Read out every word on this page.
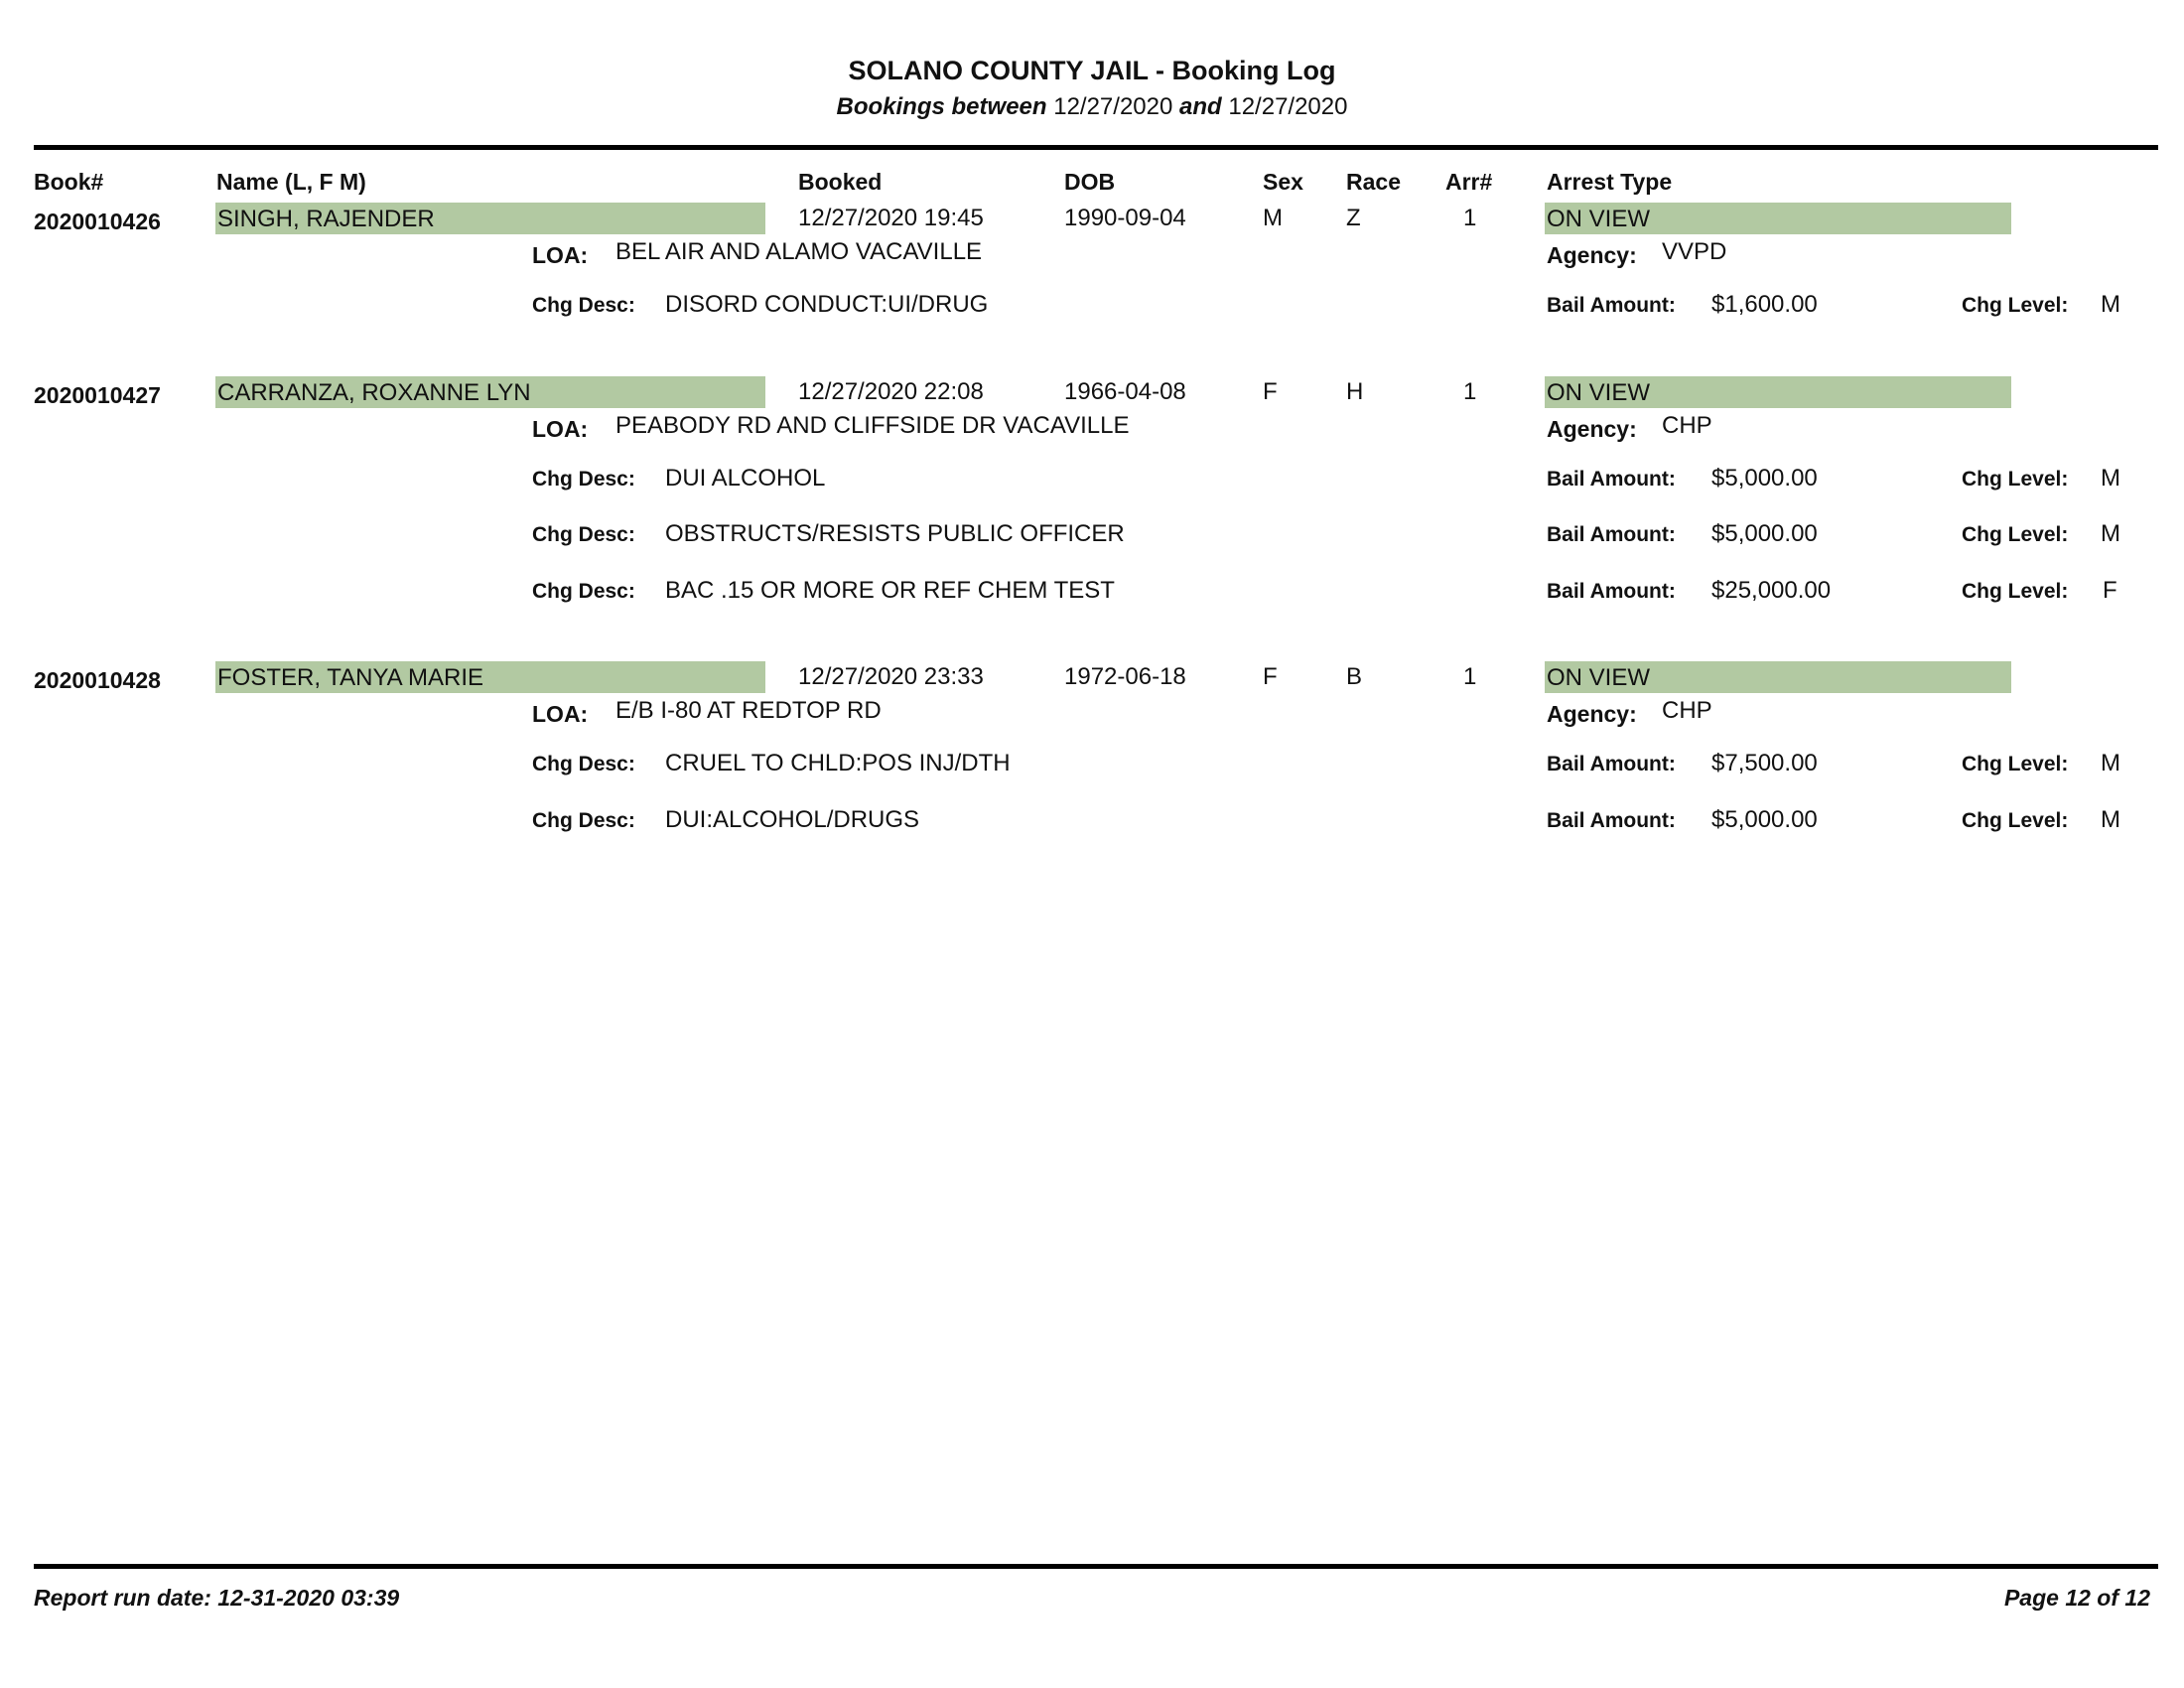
SOLANO COUNTY JAIL - Booking Log
Bookings between 12/27/2020 and 12/27/2020
Book#	Name (L, F M)	Booked	DOB	Sex Race Arr# Arrest Type
2020010426 SINGH, RAJENDER	12/27/2020 19:45	1990-09-04	M	Z	1	ON VIEW
LOA: BEL AIR AND ALAMO VACAVILLE	Agency: VVPD
Chg Desc: DISORD CONDUCT:UI/DRUG	Bail Amount: $1,600.00	Chg Level: M
2020010427 CARRANZA, ROXANNE LYN	12/27/2020 22:08	1966-04-08	F	H	1	ON VIEW
LOA: PEABODY RD AND CLIFFSIDE DR VACAVILLE	Agency: CHP
Chg Desc: DUI ALCOHOL	Bail Amount: $5,000.00	Chg Level: M
Chg Desc: OBSTRUCTS/RESISTS PUBLIC OFFICER	Bail Amount: $5,000.00	Chg Level: M
Chg Desc: BAC .15 OR MORE OR REF CHEM TEST	Bail Amount: $25,000.00	Chg Level: F
2020010428 FOSTER, TANYA MARIE	12/27/2020 23:33	1972-06-18	F	B	1	ON VIEW
LOA: E/B I-80 AT REDTOP RD	Agency: CHP
Chg Desc: CRUEL TO CHLD:POS INJ/DTH	Bail Amount: $7,500.00	Chg Level: M
Chg Desc: DUI:ALCOHOL/DRUGS	Bail Amount: $5,000.00	Chg Level: M
Report run date: 12-31-2020 03:39	Page 12 of 12
